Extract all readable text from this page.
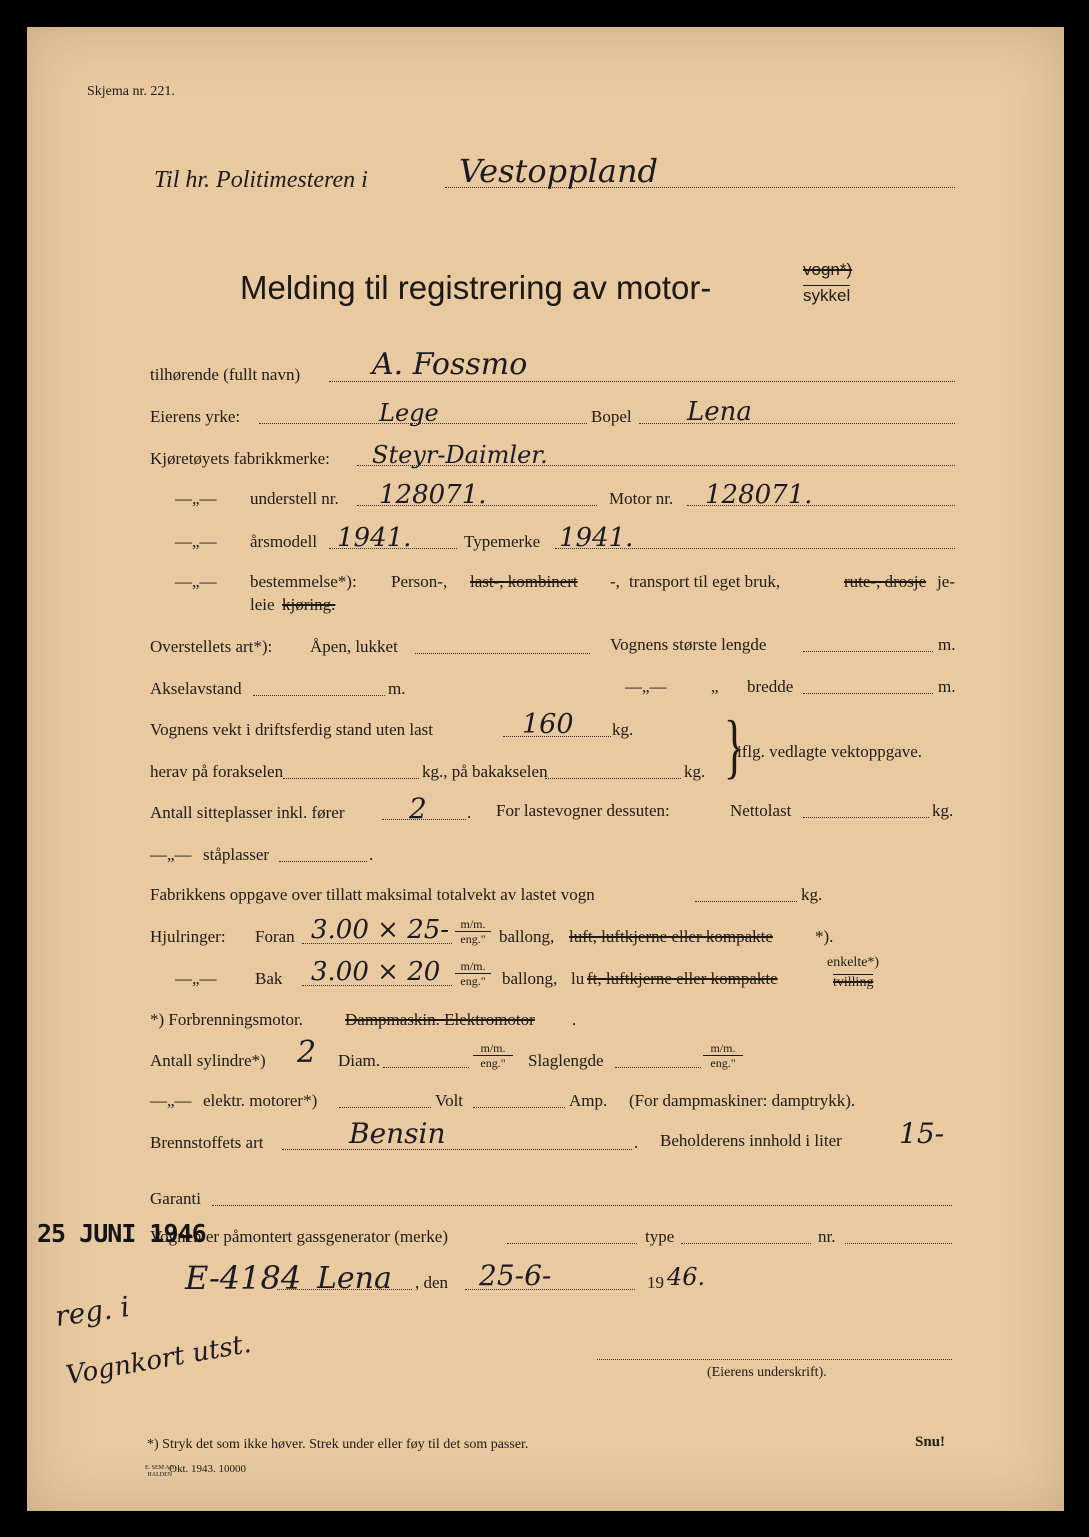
Skjema nr. 221.
Til hr. Politimesteren i	Vestoppland
Melding til registrering av motor-	vogn*)
sykkel
tilhørende (fullt navn) A. Fossmo
Eierens yrke:	Lege	Bopel Lena
Kjøretøyets fabrikkmerke: Steyr-Daimler.
—„— understell nr. 128071.	Motor nr. 128071.
—„— årsmodell 1941.	Typemerke 1941.
—„— bestemmelse*): Person-, last-, kombinert -, transport til eget bruk,	rute-, drosje je-
leie kjøring.
Overstellets art*): Åpen, lukket	Vognens største lengde	m.
Akselavstand	m.	—„—	„ bredde	m.
Vognens vekt i driftsferdig stand uten last	160 kg.
herav på forakselen	kg., på bakakselen	kg. }
iflg. vedlagte vektoppgave.
Antall sitteplasser inkl. fører 2 . For lastevogner dessuten:	Nettolast	kg.
—„— ståplasser	.
Fabrikkens oppgave over tillatt maksimal totalvekt av lastet vogn	kg.
Hjulringer: Foran 3.00 × 25- m/m.
eng." ballong, luft, luftkjerne eller kompakte *).
—„— Bak 3.00 × 20	m/m.
eng." ballong, lu ft, luftkjerne eller kompakte
enkelte*)
tvilling
*) Forbrenningsmotor. Dampmaskin. Elektromotor .
Antall sylindre*) 2 Diam.
m/m.
eng."	Slaglengde
m/m.
eng."
—„— elektr. motorer*)	Volt	Amp. (For dampmaskiner: damptrykk).
Brennstoffets art	Bensin	. Beholderens innhold i liter 15-
Garanti
Vognen er påmontert gassgenerator (merke)	type	nr.
25 JUNI 1946
reg. i
E-4184 Lena , den 25-6-	19 46.
Vognkort utst.	(Eierens underskrift).
*) Stryk det som ikke høver. Strek under eller føy til det som passer.	Snu!
E. SEM A/S
HALDEN
Okt. 1943. 10000
